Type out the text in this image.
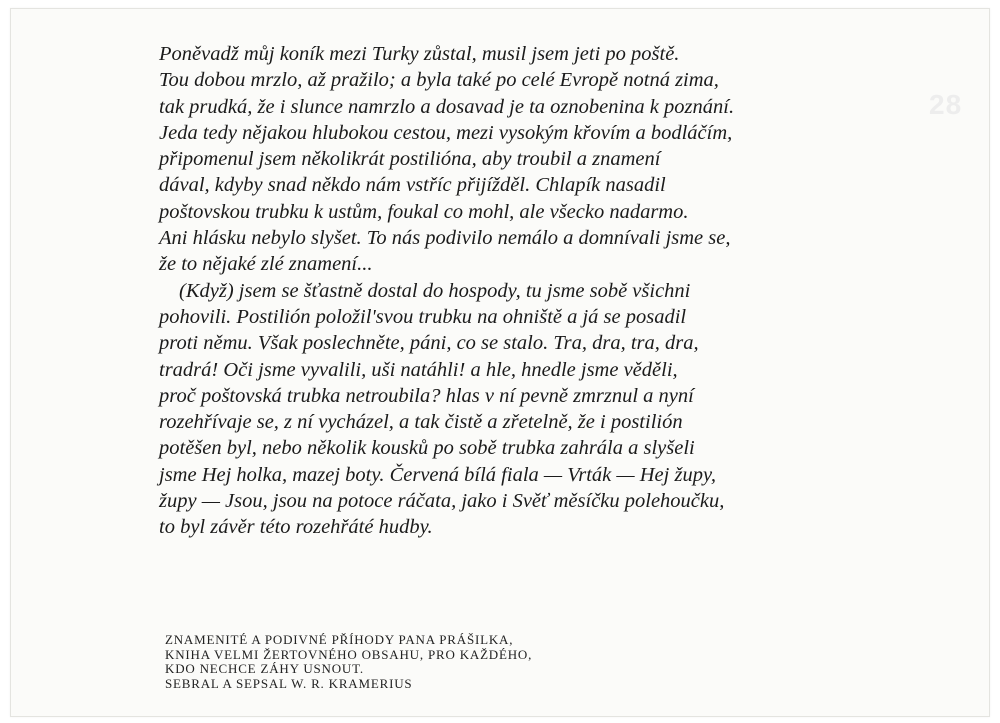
28
Poněvadž můj koník mezi Turky zůstal, musil jsem jeti po poště.
Tou dobou mrzlo, až pražilo; a byla také po celé Evropě notná zima,
tak prudká, že i slunce namrzlo a dosavad je ta oznobenina k poznání.
Jeda tedy nějakou hlubokou cestou, mezi vysokým křovím a bodláčím,
připomenul jsem několikrát postilióna, aby troubil a znamení
dával, kdyby snad někdo nám vstříc přijížděl. Chlapík nasadil
poštovskou trubku k ustům, foukal co mohl, ale všecko nadarmo.
Ani hlásku nebylo slyšet. To nás podivilo nemálo a domnívali jsme se,
že to nějaké zlé znamení...
(Když) jsem se šťastně dostal do hospody, tu jsme sobě všichni
pohovili. Postilión položil'svou trubku na ohniště a já se posadil
proti němu. Však poslechněte, páni, co se stalo. Tra, dra, tra, dra,
tradrá! Oči jsme vyvalili, uši natáhli! a hle, hnedle jsme věděli,
proč poštovská trubka netroubila? hlas v ní pevně zmrznul a nyní
rozehřívaje se, z ní vycházel, a tak čistě a zřetelně, že i postilión
potěšen byl, nebo několik kousků po sobě trubka zahrála a slyšeli
jsme Hej holka, mazej boty. Červená bílá fiala — Vrták — Hej župy,
župy — Jsou, jsou na potoce ráčata, jako i Svěť měsíčku polehoučku,
to byl závěr této rozehřáté hudby.
ZNAMENITÉ A PODIVNÉ PŘÍHODY PANA PRÁŠILKA,
KNIHA VELMI ŽERTOVNÉHO OBSAHU, PRO KAŽDÉHO,
KDO NECHCE ZÁHY USNOUT.
SEBRAL A SEPSAL W. R. KRAMERIUS
